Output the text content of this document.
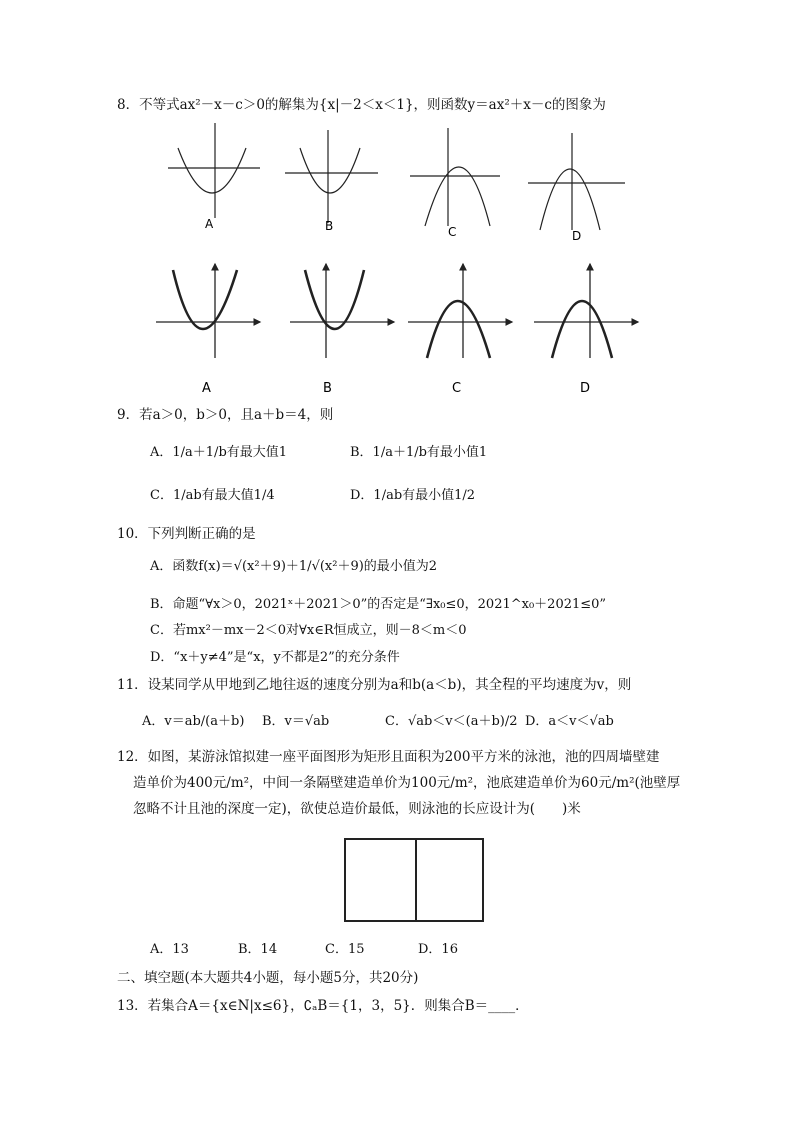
8．不等式ax²－x－c＞0的解集为{x|－2＜x＜1}，则函数y＝ax²＋x－c的图象为
A	B	C	D
A	B	C	D
9．若a＞0，b＞0，且a＋b＝4，则
A．1/a＋1/b有最大值1	B．1/a＋1/b有最小值1
C．1/ab有最大值1/4	D．1/ab有最小值1/2
10．下列判断正确的是
A．函数f(x)＝√(x²＋9)＋1/√(x²＋9)的最小值为2
B．命题“∀x＞0，2021ˣ＋2021＞0”的否定是“∃x₀≤0，2021^x₀＋2021≤0”
C．若mx²－mx－2＜0对∀x∈R恒成立，则－8＜m＜0
D．“x＋y≠4”是“x，y不都是2”的充分条件
11．设某同学从甲地到乙地往返的速度分别为a和b(a＜b)，其全程的平均速度为v，则
A．v＝ab/(a＋b) B．v＝√ab	C．√ab＜v＜(a＋b)/2 D．a＜v＜√ab
12．如图，某游泳馆拟建一座平面图形为矩形且面积为200平方米的泳池，池的四周墙壁建
造单价为400元/m²，中间一条隔壁建造单价为100元/m²，池底建造单价为60元/m²(池壁厚
忽略不计且池的深度一定)，欲使总造价最低，则泳池的长应设计为(　　)米
A．13	B．14	C．15	D．16
二、填空题(本大题共4小题，每小题5分，共20分)
13．若集合A＝{x∈N|x≤6}，∁ₐB＝{1，3，5}．则集合B＝____．
